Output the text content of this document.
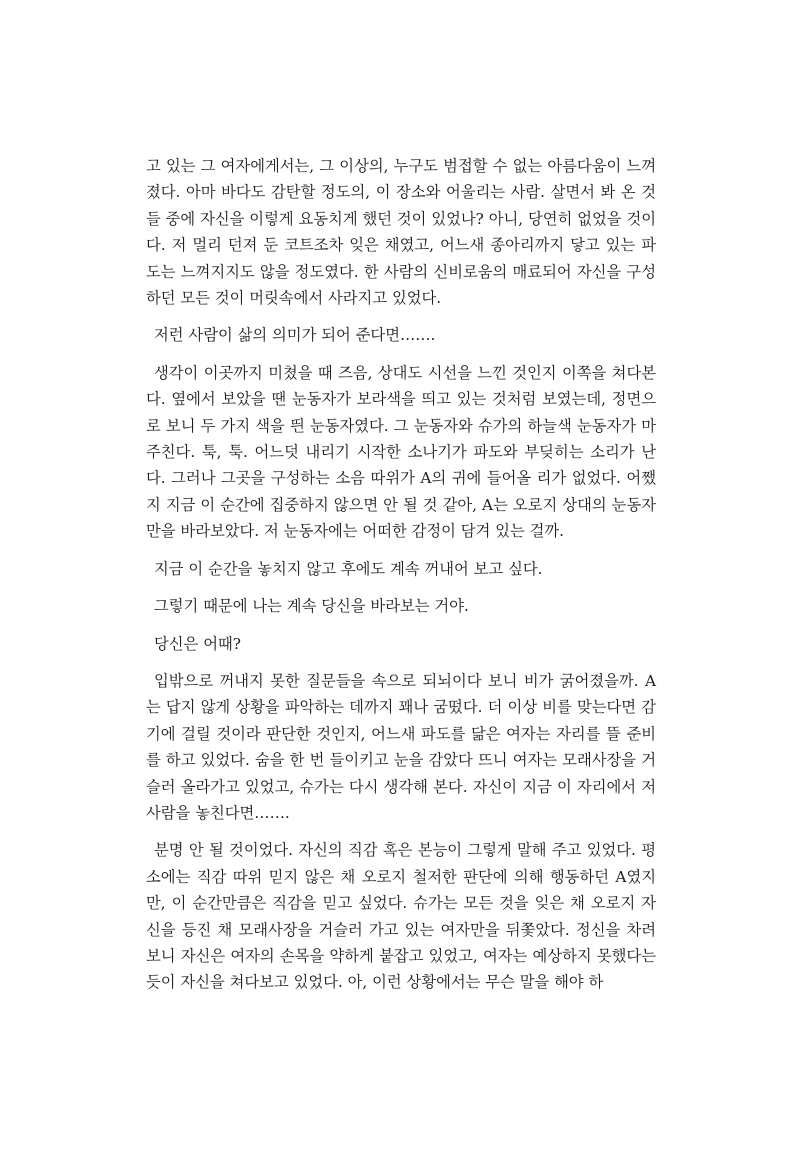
고 있는 그 여자에게서는, 그 이상의, 누구도 범접할 수 없는 아름다움이 느껴졌다. 아마 바다도 감탄할 정도의, 이 장소와 어울리는 사람. 살면서 봐 온 것들 중에 자신을 이렇게 요동치게 했던 것이 있었나? 아니, 당연히 없었을 것이다. 저 멀리 던져 둔 코트조차 잊은 채였고, 어느새 종아리까지 닿고 있는 파도는 느껴지지도 않을 정도였다. 한 사람의 신비로움의 매료되어 자신을 구성하던 모든 것이 머릿속에서 사라지고 있었다.

저런 사람이 삶의 의미가 되어 준다면…….

생각이 이곳까지 미쳤을 때 즈음, 상대도 시선을 느낀 것인지 이쪽을 쳐다본다. 옆에서 보았을 땐 눈동자가 보라색을 띄고 있는 것처럼 보였는데, 정면으로 보니 두 가지 색을 띈 눈동자였다. 그 눈동자와 슈가의 하늘색 눈동자가 마주친다. 툭, 툭. 어느덧 내리기 시작한 소나기가 파도와 부딪히는 소리가 난다. 그러나 그곳을 구성하는 소음 따위가 A의 귀에 들어올 리가 없었다. 어쨌지 지금 이 순간에 집중하지 않으면 안 될 것 같아, A는 오로지 상대의 눈동자만을 바라보았다. 저 눈동자에는 어떠한 감정이 담겨 있는 걸까.

지금 이 순간을 놓치지 않고 후에도 계속 꺼내어 보고 싶다.

그렇기 때문에 나는 계속 당신을 바라보는 거야.

당신은 어때?

입밖으로 꺼내지 못한 질문들을 속으로 되뇌이다 보니 비가 굵어졌을까. A는 답지 않게 상황을 파악하는 데까지 꽤나 굼떴다. 더 이상 비를 맞는다면 감기에 걸릴 것이라 판단한 것인지, 어느새 파도를 닮은 여자는 자리를 뜰 준비를 하고 있었다. 숨을 한 번 들이키고 눈을 감았다 뜨니 여자는 모래사장을 거슬러 올라가고 있었고, 슈가는 다시 생각해 본다. 자신이 지금 이 자리에서 저 사람을 놓친다면…….

분명 안 될 것이었다. 자신의 직감 혹은 본능이 그렇게 말해 주고 있었다. 평소에는 직감 따위 믿지 않은 채 오로지 철저한 판단에 의해 행동하던 A였지만, 이 순간만큼은 직감을 믿고 싶었다. 슈가는 모든 것을 잊은 채 오로지 자신을 등진 채 모래사장을 거슬러 가고 있는 여자만을 뒤쫓았다. 정신을 차려 보니 자신은 여자의 손목을 약하게 붙잡고 있었고, 여자는 예상하지 못했다는 듯이 자신을 쳐다보고 있었다. 아, 이런 상황에서는 무슨 말을 해야 하
